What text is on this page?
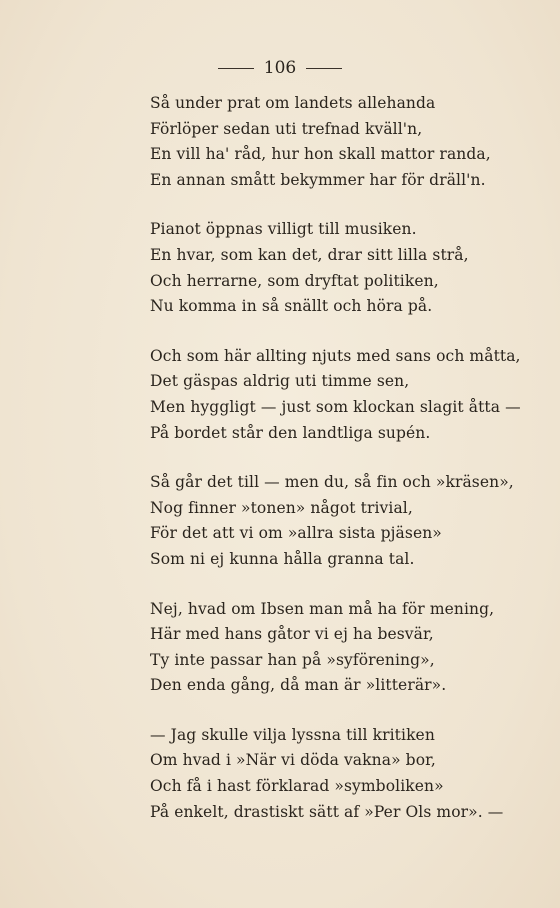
106
Så under prat om landets allehanda
Förlöper sedan uti trefnad kväll'n,
En vill ha' råd, hur hon skall mattor randa,
En annan smått bekymmer har för dräll'n.
Pianot öppnas villigt till musiken.
En hvar, som kan det, drar sitt lilla strå,
Och herrarne, som dryftat politiken,
Nu komma in så snällt och höra på.
Och som här allting njuts med sans och måtta,
Det gäspas aldrig uti timme sen,
Men hyggligt — just som klockan slagit åtta —
På bordet står den landtliga supén.
Så går det till — men du, så fin och »kräsen»,
Nog finner »tonen» något trivial,
För det att vi om »allra sista pjäsen»
Som ni ej kunna hålla granna tal.
Nej, hvad om Ibsen man må ha för mening,
Här med hans gåtor vi ej ha besvär,
Ty inte passar han på »syförening»,
Den enda gång, då man är »litterär».
— Jag skulle vilja lyssna till kritiken
Om hvad i »När vi döda vakna» bor,
Och få i hast förklarad »symboliken»
På enkelt, drastiskt sätt af »Per Ols mor». —
